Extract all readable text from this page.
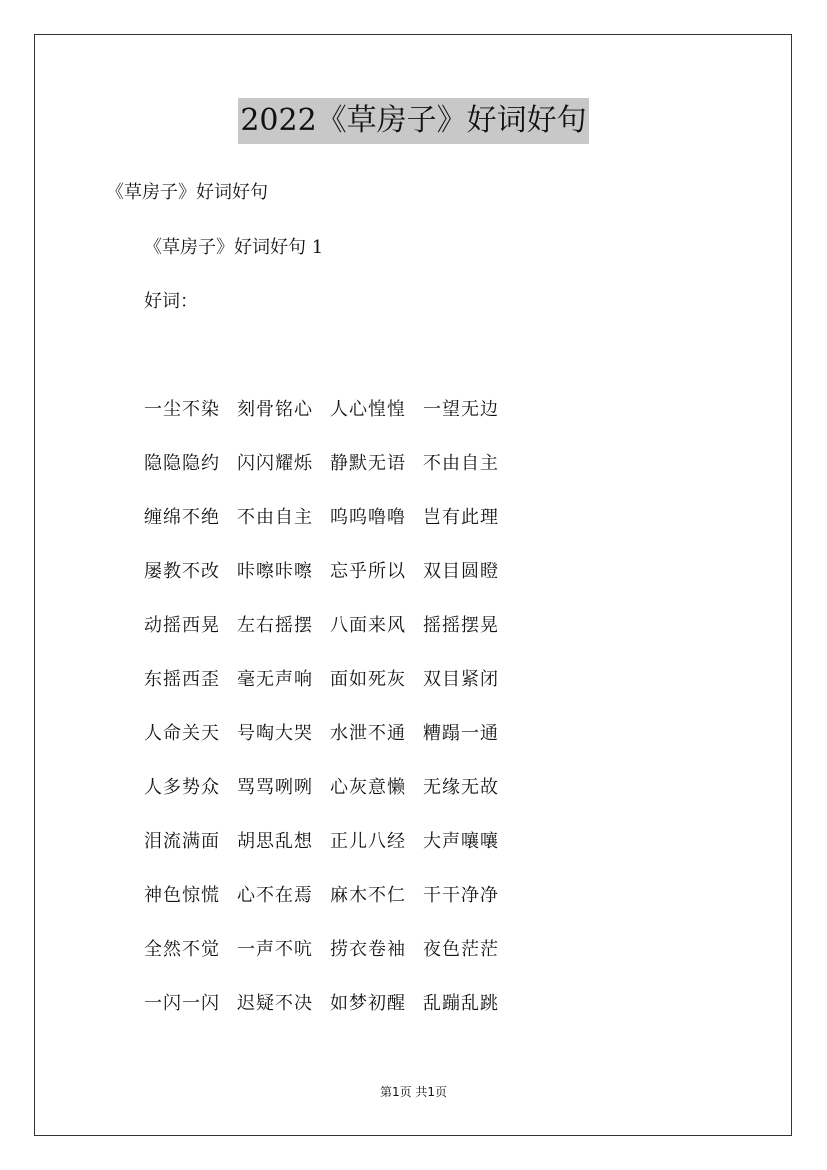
2022《草房子》好词好句

《草房子》好词好句

《草房子》好词好句 1

好词：

一尘不染 刻骨铭心 人心惶惶 一望无边
隐隐隐约 闪闪耀烁 静默无语 不由自主
缠绵不绝 不由自主 呜呜噜噜 岂有此理
屡教不改 咔嚓咔嚓 忘乎所以 双目圆瞪
动摇西晃 左右摇摆 八面来风 摇摇摆晃
东摇西歪 毫无声响 面如死灰 双目紧闭
人命关天 号啕大哭 水泄不通 糟蹋一通
人多势众 骂骂咧咧 心灰意懒 无缘无故
泪流满面 胡思乱想 正儿八经 大声嚷嚷
神色惊慌 心不在焉 麻木不仁 干干净净
全然不觉 一声不吭 捞衣卷袖 夜色茫茫
一闪一闪 迟疑不决 如梦初醒 乱蹦乱跳
第1页 共1页
